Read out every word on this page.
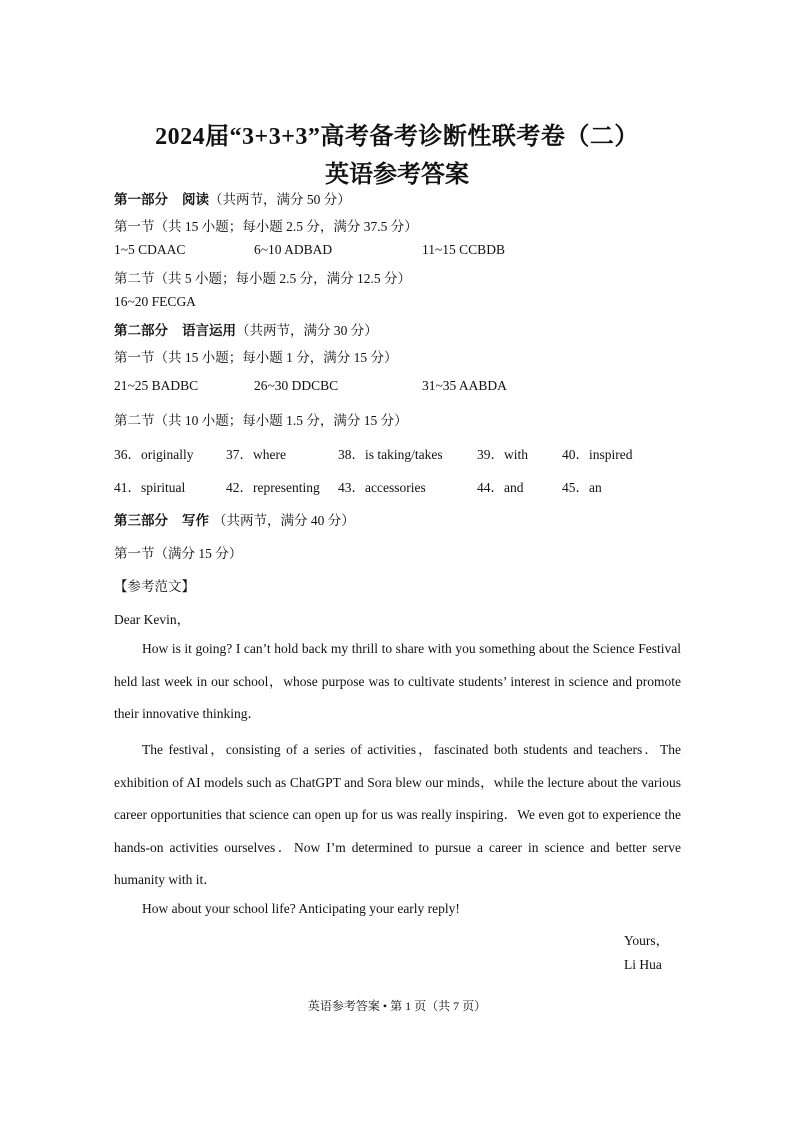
2024届“3+3+3”高考备考诊断性联考卷（二）
英语参考答案
第一部分 阅读（共两节，满分 50 分）
第一节（共 15 小题；每小题 2.5 分，满分 37.5 分）
1~5 CDAAC	6~10 ADBAD	11~15 CCBDB
第二节（共 5 小题；每小题 2.5 分，满分 12.5 分）
16~20 FECGA
第二部分 语言运用（共两节，满分 30 分）
第一节（共 15 小题；每小题 1 分，满分 15 分）
21~25 BADBC	26~30 DDCBC	31~35 AABDA
第二节（共 10 小题；每小题 1.5 分，满分 15 分）
36．originally 37．where	38．is taking/takes	39．with	40．inspired
41．spiritual	42．representing 43．accessories	44．and	45．an
第三部分 写作 （共两节，满分 40 分）
第一节（满分 15 分）
【参考范文】
Dear Kevin，

How is it going? I can’t hold back my thrill to share with you something about the Science Festival held last week in our school，whose purpose was to cultivate students’ interest in science and promote their innovative thinking．

The festival，consisting of a series of activities，fascinated both students and teachers．The exhibition of AI models such as ChatGPT and Sora blew our minds，while the lecture about the various career opportunities that science can open up for us was really inspiring．We even got to experience the hands-on activities ourselves．Now I’m determined to pursue a career in science and better serve humanity with it．

How about your school life? Anticipating your early reply!

Yours，
Li Hua
英语参考答案 • 第 1 页（共 7 页）
